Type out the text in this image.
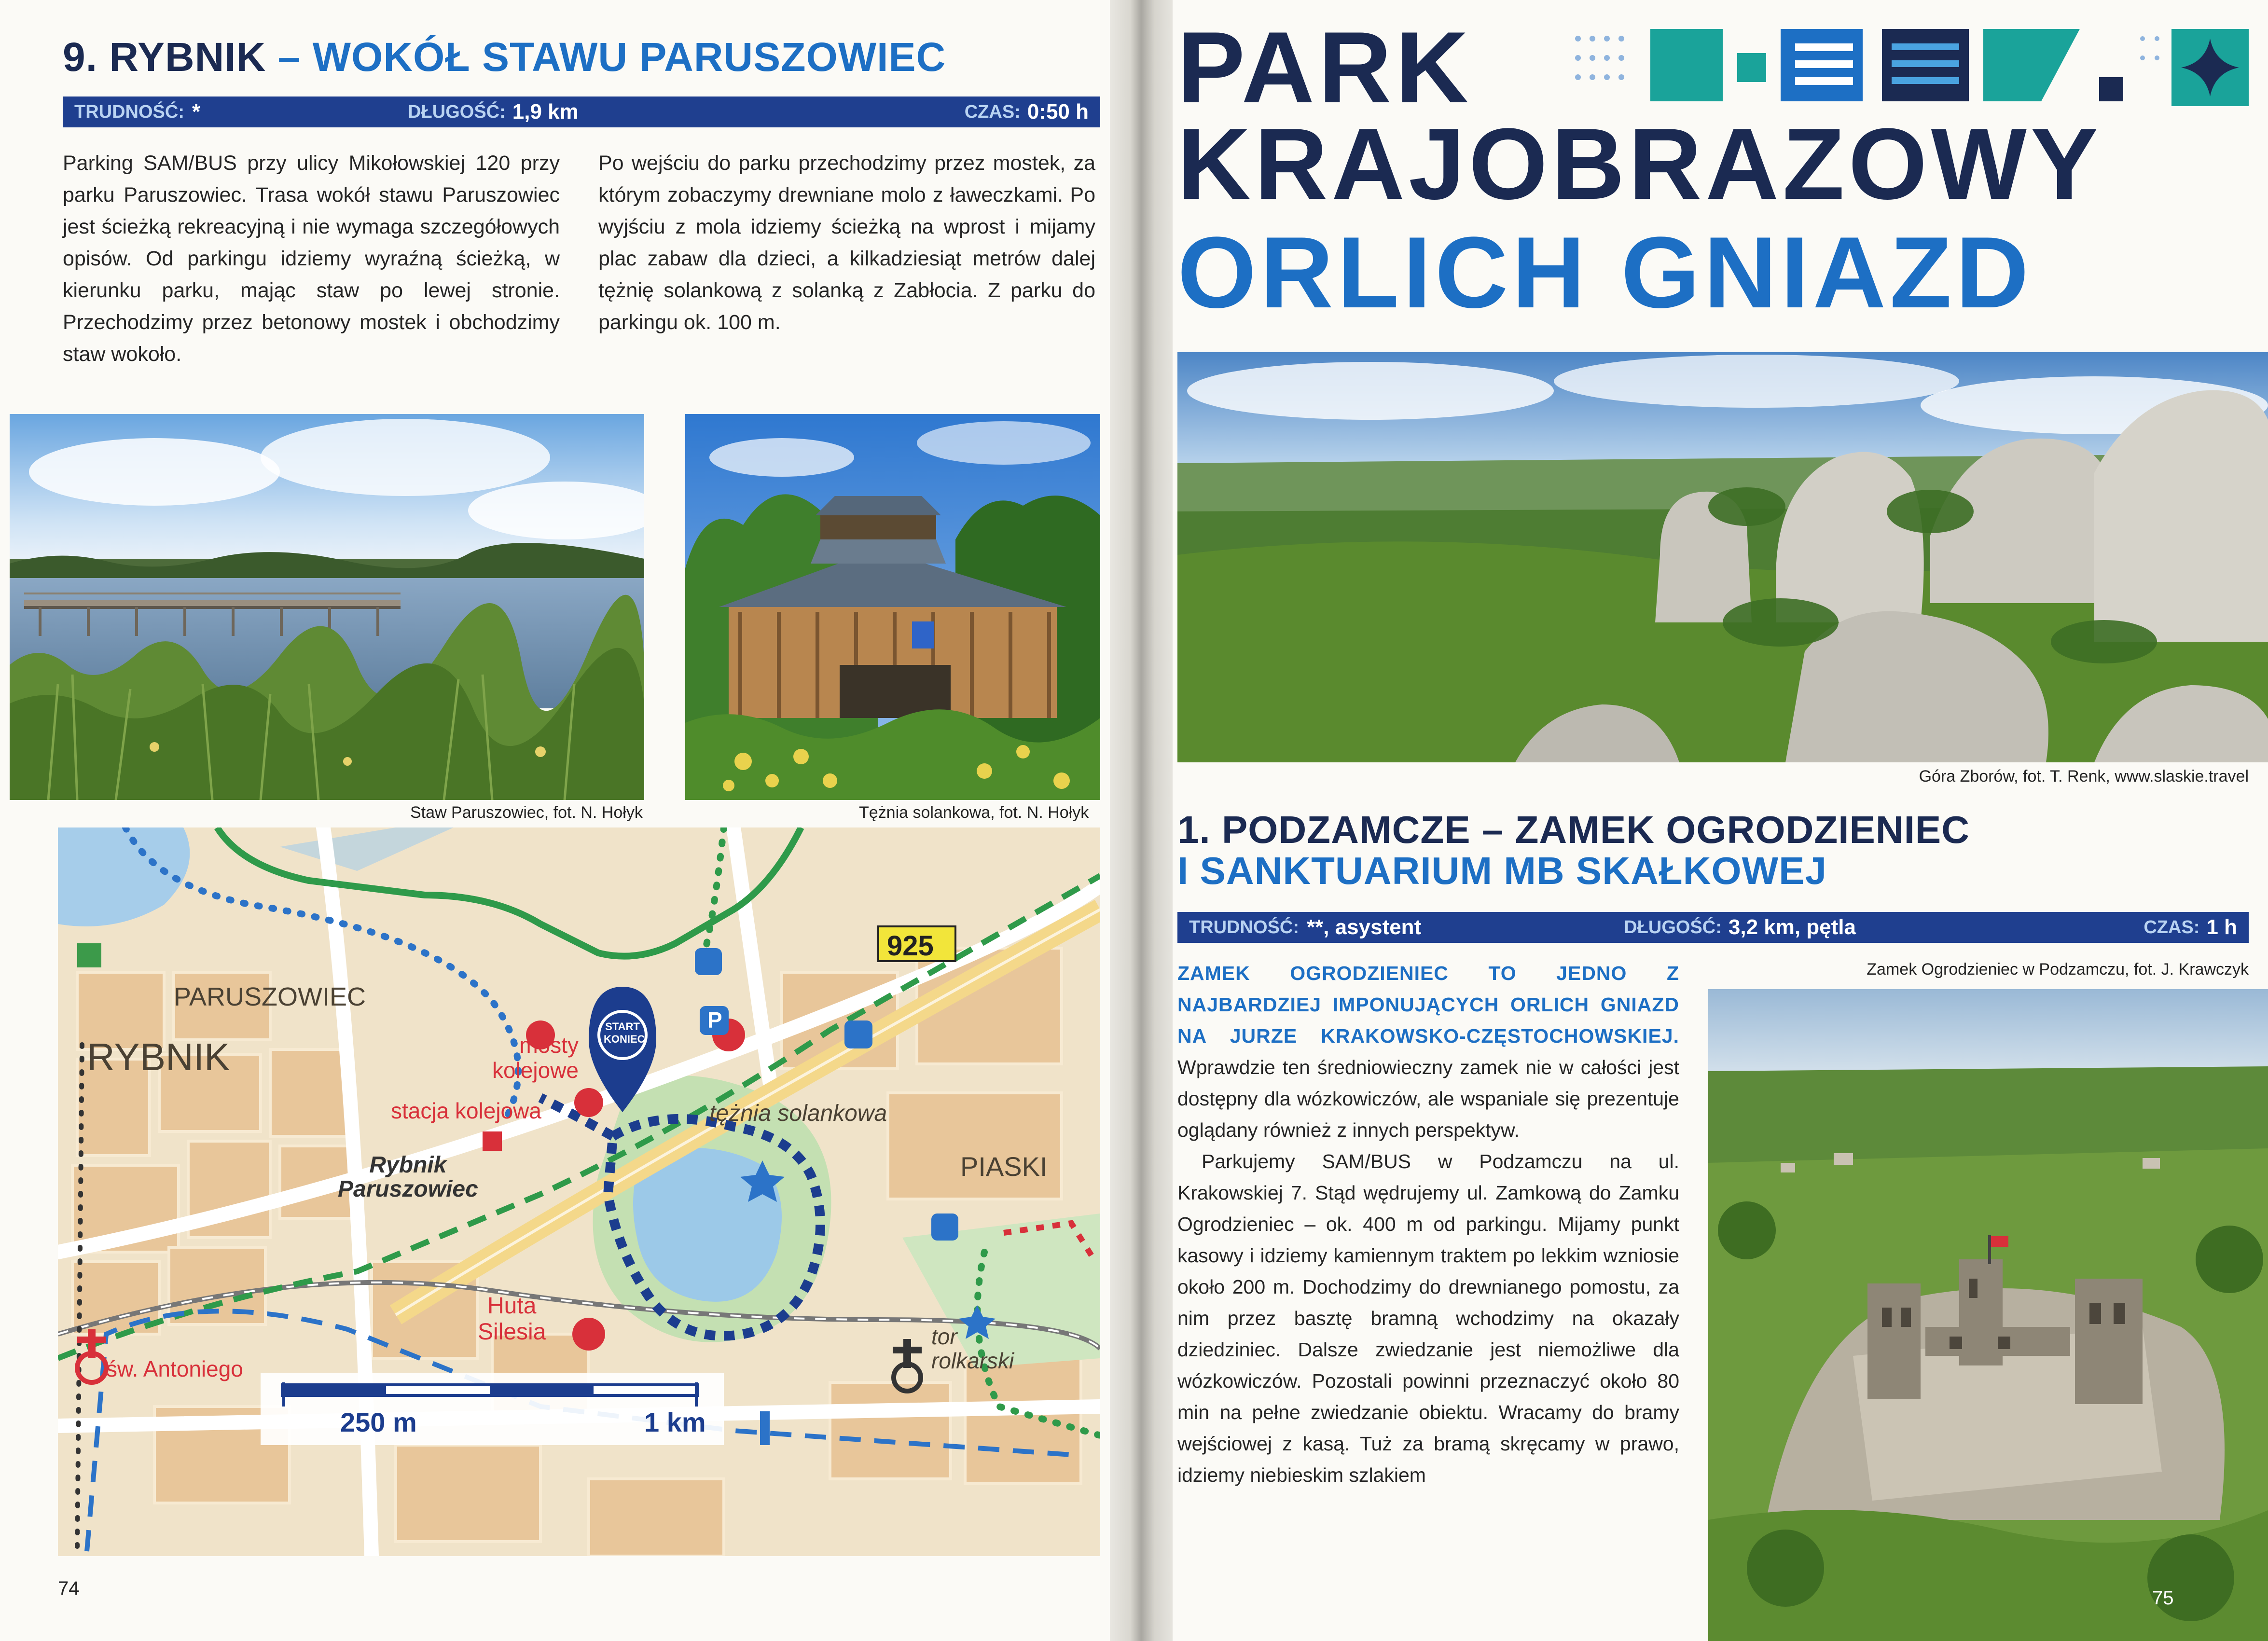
9. RYBNIK – WOKÓŁ STAWU PARUSZOWIEC
TRUDNOŚĆ: *	DŁUGOŚĆ: 1,9 km	CZAS: 0:50 h
Parking SAM/BUS przy ulicy Mikołowskiej 120 przy parku Paruszowiec. Trasa wokół stawu Paruszowiec jest ścieżką rekreacyjną i nie wymaga szczegółowych opisów. Od parkingu idziemy wyraźną ścieżką, w kierunku parku, mając staw po lewej stronie. Przechodzimy przez betonowy mostek i obchodzimy staw wokoło.
Po wejściu do parku przechodzimy przez mostek, za którym zobaczymy drewniane molo z ławeczkami. Po wyjściu z mola idziemy ścieżką na wprost i mijamy plac zabaw dla dzieci, a kilkadziesiąt metrów dalej tężnię solankową z solanką z Zabłocia. Z parku do parkingu ok. 100 m.
Staw Paruszowiec, fot. N. Hołyk	Tężnia solankowa, fot. N. Hołyk
PARUSZOWIEC
RYBNIK	mosty
kolejowe
stacja kolejowa
Rybnik
Paruszowiec
tężnia solankowa
PIASKI
Huta
Silesia
św. Antoniego
tor
rolkarski
925
START
KONIEC
P
250 m	1 km
74
PARK
KRAJOBRAZOWY
ORLICH GNIAZD
Góra Zborów, fot. T. Renk, www.slaskie.travel
1. PODZAMCZE – ZAMEK OGRODZIENIEC
I SANKTUARIUM MB SKAŁKOWEJ
TRUDNOŚĆ: **, asystent	DŁUGOŚĆ: 3,2 km, pętla	CZAS: 1 h
ZAMEK OGRODZIENIEC TO JEDNO Z NAJBARDZIEJ IMPONUJĄCYCH ORLICH GNIAZD NA JURZE KRAKOWSKO-CZĘSTOCHOWSKIEJ. Wprawdzie ten średniowieczny zamek nie w całości jest dostępny dla wózkowiczów, ale wspaniale się prezentuje oglądany również z innych perspektyw.
Parkujemy SAM/BUS w Podzamczu na ul. Krakowskiej 7. Stąd wędrujemy ul. Zamkową do Zamku Ogrodzieniec – ok. 400 m od parkingu. Mijamy punkt kasowy i idziemy kamiennym traktem po lekkim wzniosie około 200 m. Dochodzimy do drewnianego pomostu, za nim przez basztę bramną wchodzimy na okazały dziedziniec. Dalsze zwiedzanie jest niemożliwe dla wózkowiczów. Pozostali powinni przeznaczyć około 80 min na pełne zwiedzanie obiektu. Wracamy do bramy wejściowej z kasą. Tuż za bramą skręcamy w prawo, idziemy niebieskim szlakiem
Zamek Ogrodzieniec w Podzamczu, fot. J. Krawczyk
75
